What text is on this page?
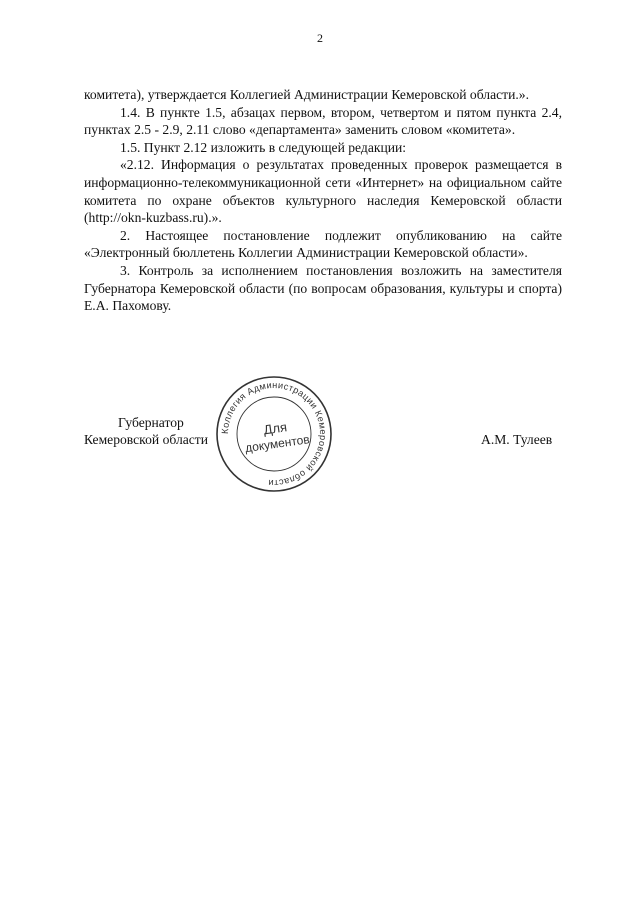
2

комитета), утверждается Коллегией Администрации Кемеровской области.».

1.4. В пункте 1.5, абзацах первом, втором, четвертом и пятом пункта 2.4, пунктах 2.5 - 2.9, 2.11 слово «департамента» заменить словом «комитета».

1.5. Пункт 2.12 изложить в следующей редакции:

«2.12. Информация о результатах проведенных проверок размещается в информационно-телекоммуникационной сети «Интернет» на официальном сайте комитета по охране объектов культурного наследия Кемеровской области (http://okn-kuzbass.ru).».

2. Настоящее постановление подлежит опубликованию на сайте «Электронный бюллетень Коллегии Администрации Кемеровской области».

3. Контроль за исполнением постановления возложить на заместителя Губернатора Кемеровской области (по вопросам образования, культуры и спорта) Е.А. Пахомову.

Губернатор
Кемеровской области	А.М. Тулеев
Коллегия Администрации Кемеровской области
Для
документов
